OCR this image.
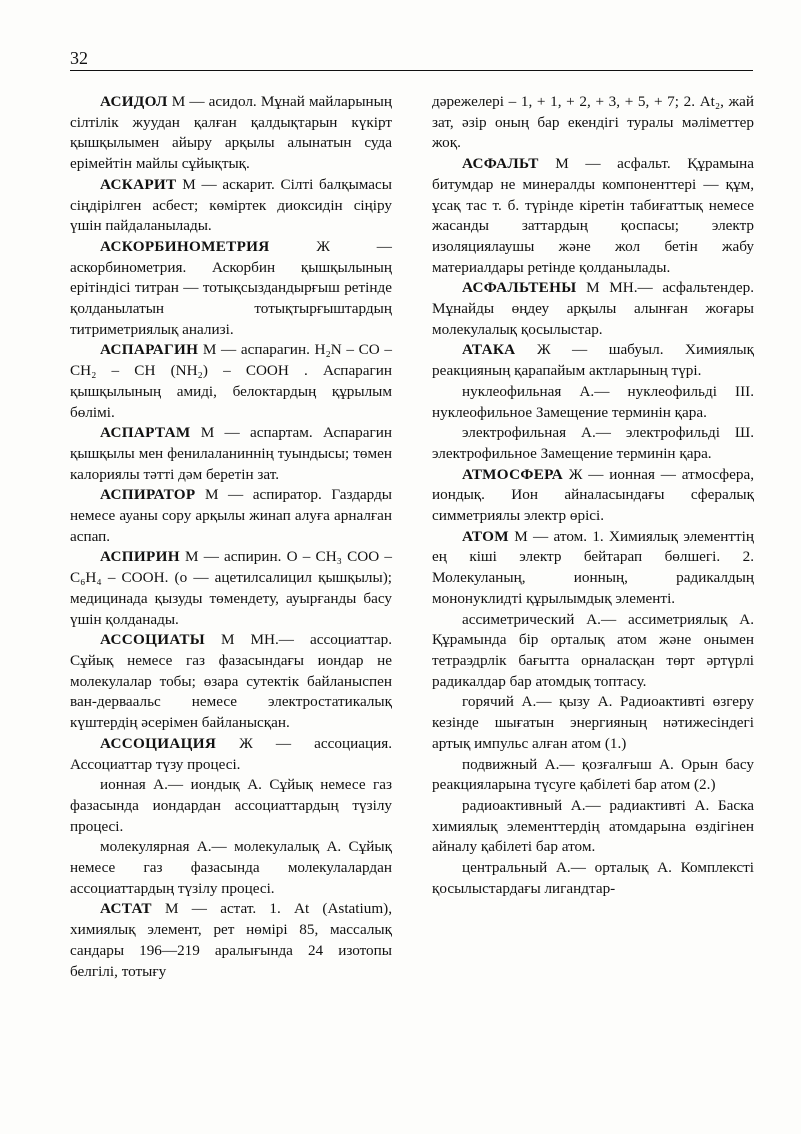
32

АСИДОЛ М — асидол. Мұнай майларының сілтілік жуудан қалған қалдықтарын күкірт қышқылымен айыру арқылы алынатын суда ерімейтін майлы сұйықтық.

АСКАРИТ М — аскарит. Сілті балқымасы сіңдірілген асбест; көміртек диоксидін сіңіру үшін пайдаланылады.

АСКОРБИНОМЕТРИЯ Ж — аскорбинометрия. Аскорбин қышқылының ерітіндісі титран — тотықсыздандырғыш ретінде қолданылатын тотықтырғыштардың титриметриялық анализі.

АСПАРАГИН М — аспарагин. H₂N – CO – CH₂ – CH (NH₂) – COOH . Аспарагин қышқылының амиді, белоктардың құрылым бөлімі.

АСПАРТАМ М — аспартам. Аспарагин қышқылы мен фенилаланиннің туындысы; төмен калориялы тәтті дәм беретін зат.

АСПИРАТОР М — аспиратор. Газдарды немесе ауаны сору арқылы жинап алуға арналған аспап.

АСПИРИН М — аспирин. O – CH₃ COO – C₆H₄ – COOH. (о — ацетилсалицил қышқылы); медицинада қызуды төмендету, ауырғанды басу үшін қолданады.

АССОЦИАТЫ М МН.— ассоциаттар. Сұйық немесе газ фазасындағы иондар не молекулалар тобы; өзара сутектік байланыспен ван-дерваальс немесе электростатикалық күштердің әсерімен байланысқан.

АССОЦИАЦИЯ Ж — ассоциация. Ассоциаттар түзу процесі.

ионная А.— иондық А. Сұйық немесе газ фазасында иондардан ассоциаттардың түзілу процесі.

молекулярная А.— молекулалық А. Сұйық немесе газ фазасында молекулалардан ассоциаттардың түзілу процесі.

АСТАТ М — астат. 1. At (Astatium), химиялық элемент, рет нөмірі 85, массалық сандары 196—219 аралығында 24 изотопы белгілі, тотығу

дәрежелері – 1, + 1, + 2, + 3, + 5, + 7; 2. At₂, жай зат, әзір оның бар екендігі туралы мәліметтер жоқ.

АСФАЛЬТ М — асфальт. Құрамына битумдар не минералды компоненттері — құм, ұсақ тас т. б. түрінде кіретін табиғаттық немесе жасанды заттардың қоспасы; электр изоляциялаушы және жол бетін жабу материалдары ретінде қолданылады.

АСФАЛЬТЕНЫ М МН.— асфальтендер. Мұнайды өңдеу арқылы алынған жоғары молекулалық қосылыстар.

АТАКА Ж — шабуыл. Химиялық реакцияның қарапайым актларының түрі.

нуклеофильная А.— нуклеофильді III. нуклеофильное Замещение терминін қара.

электрофильная А.— электрофильді Ш. электрофильное Замещение терминін қара.

АТМОСФЕРА Ж — ионная — атмосфера, иондық. Ион айналасындағы сфералық симметриялы электр өрісі.

АТОМ М — атом. 1. Химиялық элементтің ең кіші электр бейтарап бөлшегі. 2. Молекуланың, ионның, радикалдың мононуклидті құрылымдық элементі.

ассиметрический А.— ассиметриялық А. Құрамында бір орталық атом және онымен тетраэдрлік бағытта орналасқан төрт әртүрлі радикалдар бар атомдық топтасу.

горячий А.— қызу А. Радиоактивті өзгеру кезінде шығатын энергияның нәтижесіндегі артық импульс алған атом (1.)

подвижный А.— қозғалғыш А. Орын басу реакцияларына түсуге қабілеті бар атом (2.)

радиоактивный А.— радиактивті А. Баска химиялық элементтердің атомдарына өздігінен айналу қабілеті бар атом.

центральный А.— орталық А. Комплексті қосылыстардағы лигандтар-
